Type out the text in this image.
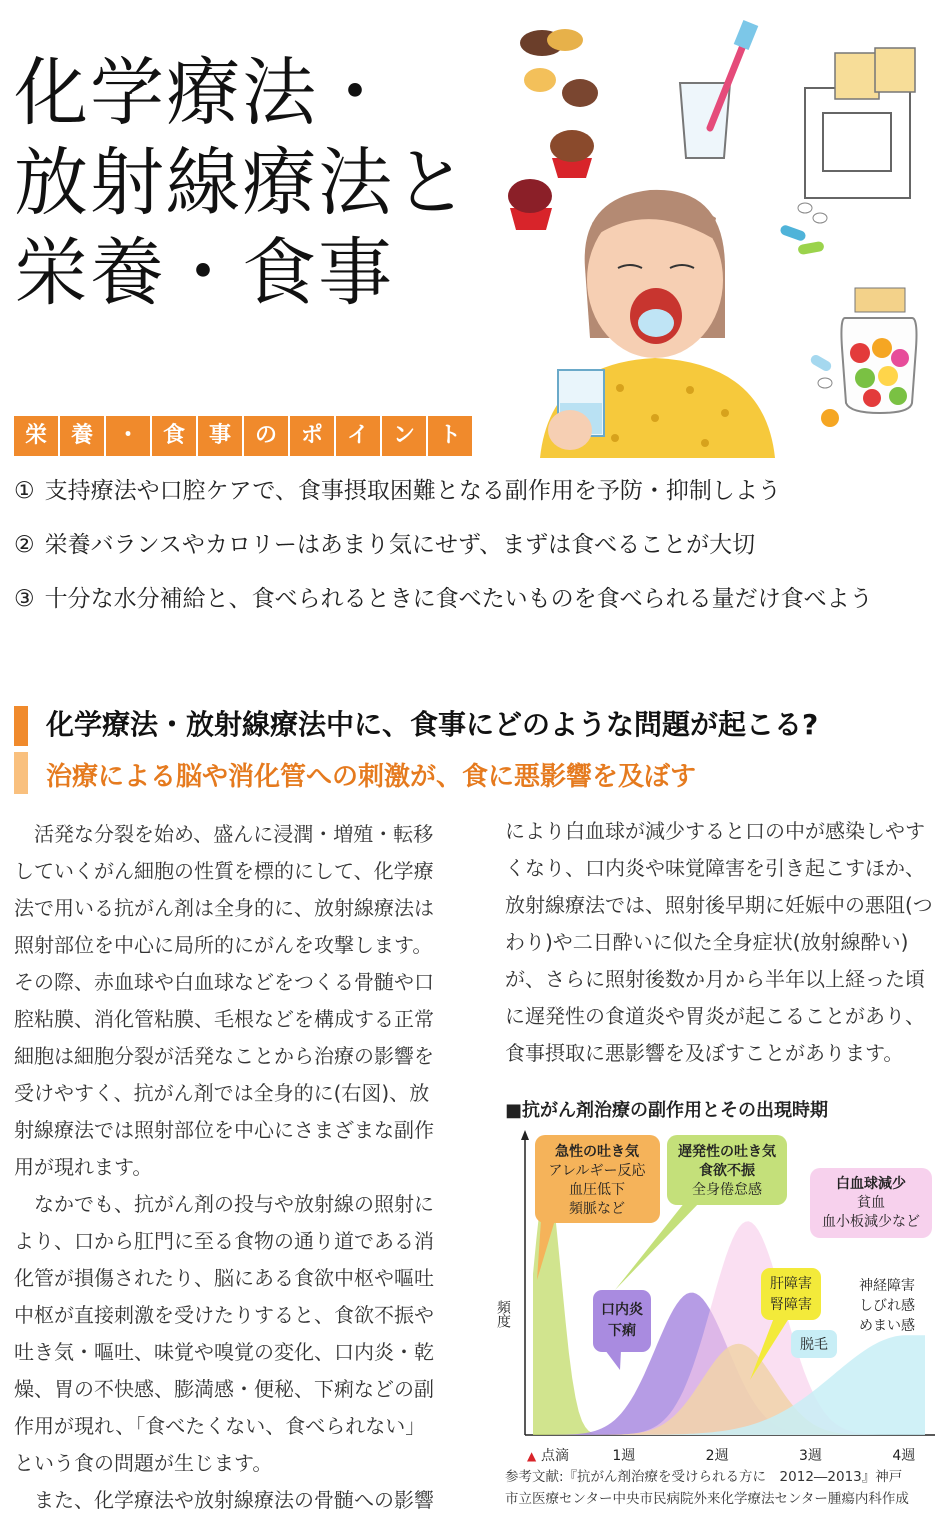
化学療法・
放射線療法と
栄養・食事
栄	養	・	食	事	の	ポ	イ	ン	ト
① 支持療法や口腔ケアで、食事摂取困難となる副作用を予防・抑制しよう
② 栄養バランスやカロリーはあまり気にせず、まずは食べることが大切
③ 十分な水分補給と、食べられるときに食べたいものを食べられる量だけ食べよう
化学療法・放射線療法中に、食事にどのような問題が起こる?
治療による脳や消化管への刺激が、食に悪影響を及ぼす
　活発な分裂を始め、盛んに浸潤・増殖・転移
していくがん細胞の性質を標的にして、化学療
法で用いる抗がん剤は全身的に、放射線療法は
照射部位を中心に局所的にがんを攻撃します。
その際、赤血球や白血球などをつくる骨髄や口
腔粘膜、消化管粘膜、毛根などを構成する正常
細胞は細胞分裂が活発なことから治療の影響を
受けやすく、抗がん剤では全身的に(右図)、放
射線療法では照射部位を中心にさまざまな副作
用が現れます。
　なかでも、抗がん剤の投与や放射線の照射に
より、口から肛門に至る食物の通り道である消
化管が損傷されたり、脳にある食欲中枢や嘔吐
中枢が直接刺激を受けたりすると、食欲不振や
吐き気・嘔吐、味覚や嗅覚の変化、口内炎・乾
燥、胃の不快感、膨満感・便秘、下痢などの副
作用が現れ、「食べたくない、食べられない」
という食の問題が生じます。
　また、化学療法や放射線療法の骨髄への影響
により白血球が減少すると口の中が感染しやす
くなり、口内炎や味覚障害を引き起こすほか、
放射線療法では、照射後早期に妊娠中の悪阻(つ
わり)や二日酔いに似た全身症状(放射線酔い)
が、さらに照射後数か月から半年以上経った頃
に遅発性の食道炎や胃炎が起こることがあり、
食事摂取に悪影響を及ぼすことがあります。
■抗がん剤治療の副作用とその出現時期
頻度
▲ 点滴	1週	2週	3週	4週
急性の吐き気
アレルギー反応
血圧低下
頻脈など
遅発性の吐き気
食欲不振
全身倦怠感	白血球減少
貧血
血小板減少など
口内炎
下痢
肝障害
腎障害
脱毛
神経障害
しびれ感
めまい感
参考文献:『抗がん剤治療を受けられる方に　2012―2013』神戸
市立医療センター中央市民病院外来化学療法センター腫瘍内科作成
